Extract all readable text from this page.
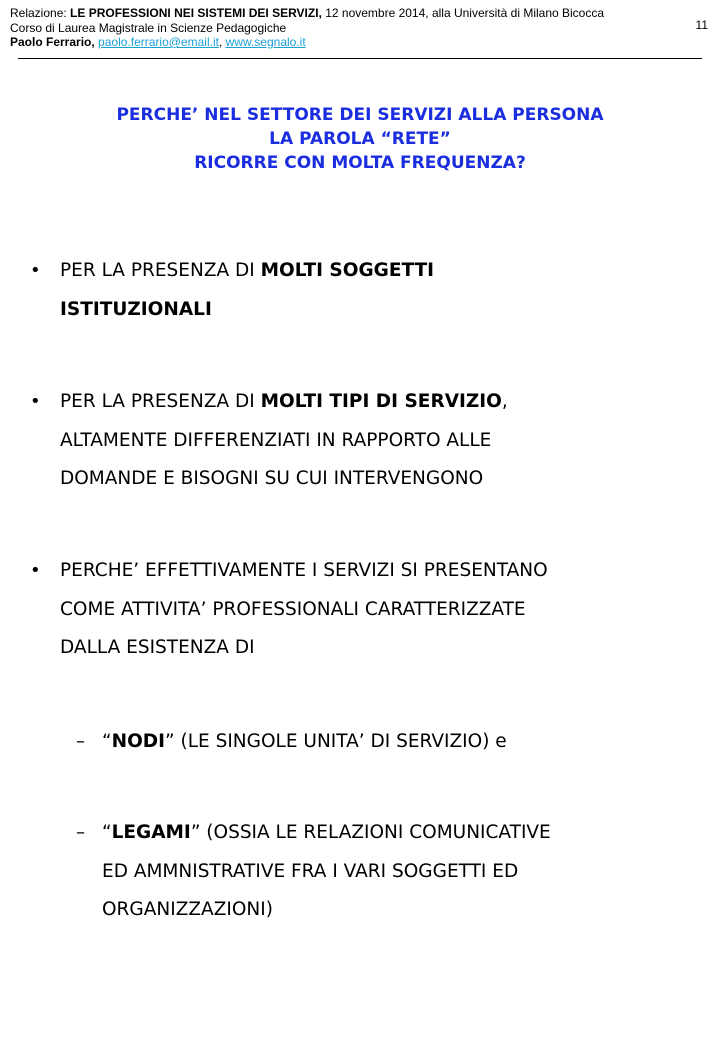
Relazione: LE PROFESSIONI NEI SISTEMI DEI SERVIZI, 12 novembre 2014, alla Università di Milano Bicocca
Corso di Laurea Magistrale in Scienze Pedagogiche
Paolo Ferrario, paolo.ferrario@email.it, www.segnalo.it
11
PERCHE’ NEL SETTORE DEI SERVIZI ALLA PERSONA
LA PAROLA “RETE”
RICORRE CON MOLTA FREQUENZA?
• PER LA PRESENZA DI MOLTI SOGGETTI
ISTITUZIONALI
• PER LA PRESENZA DI MOLTI TIPI DI SERVIZIO,
ALTAMENTE DIFFERENZIATI IN RAPPORTO ALLE
DOMANDE E BISOGNI SU CUI INTERVENGONO
• PERCHE’ EFFETTIVAMENTE I SERVIZI SI PRESENTANO
COME ATTIVITA’ PROFESSIONALI CARATTERIZZATE
DALLA ESISTENZA DI
– “NODI” (LE SINGOLE UNITA’ DI SERVIZIO) e
– “LEGAMI” (OSSIA LE RELAZIONI COMUNICATIVE
ED AMMNISTRATIVE FRA I VARI SOGGETTI ED
ORGANIZZAZIONI)
